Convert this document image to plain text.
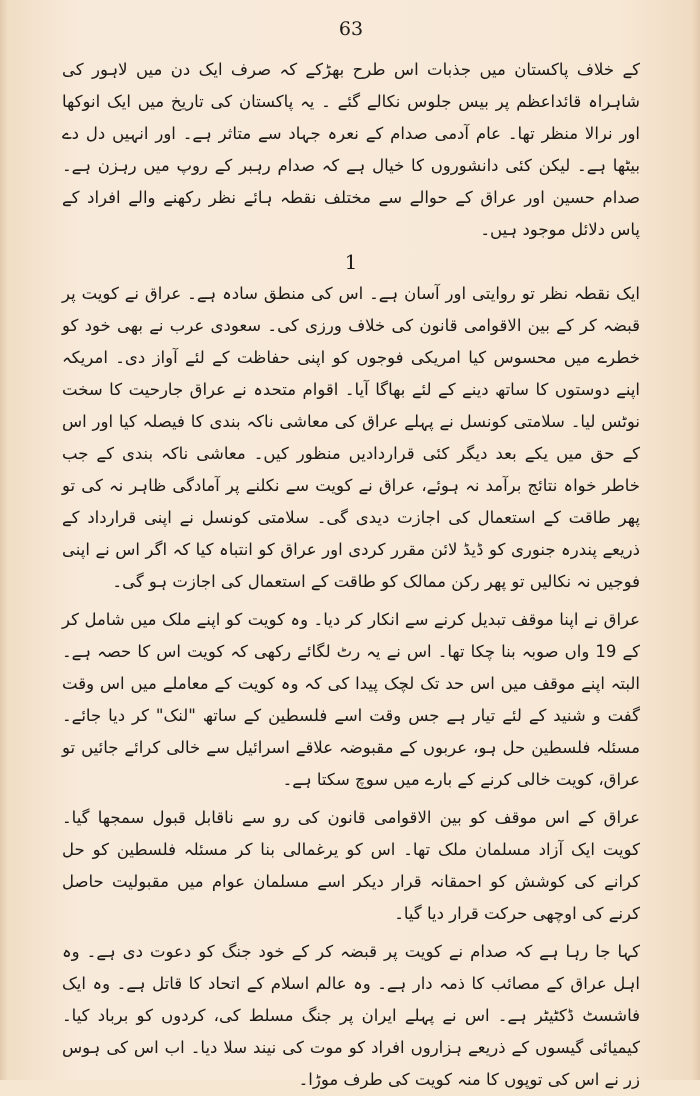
63

کے خلاف پاکستان میں جذبات اس طرح بھڑکے کہ صرف ایک دن میں لاہور کی شاہراہ قائداعظم پر بیس جلوس نکالے گئے ۔ یہ پاکستان کی تاریخ میں ایک انوکھا اور نرالا منظر تھا۔ عام آدمی صدام کے نعرہ جہاد سے متاثر ہے۔ اور انہیں دل دے بیٹھا ہے۔ لیکن کئی دانشوروں کا خیال ہے کہ صدام رہبر کے روپ میں رہزن ہے۔ صدام حسین اور عراق کے حوالے سے مختلف نقطہ ہائے نظر رکھنے والے افراد کے پاس دلائل موجود ہیں۔

1

ایک نقطہ نظر تو روایتی اور آسان ہے۔ اس کی منطق سادہ ہے۔ عراق نے کویت پر قبضہ کر کے بین الاقوامی قانون کی خلاف ورزی کی۔ سعودی عرب نے بھی خود کو خطرے میں محسوس کیا امریکی فوجوں کو اپنی حفاظت کے لئے آواز دی۔ امریکہ اپنے دوستوں کا ساتھ دینے کے لئے بھاگا آیا۔ اقوام متحدہ نے عراق جارحیت کا سخت نوٹس لیا۔ سلامتی کونسل نے پہلے عراق کی معاشی ناکہ بندی کا فیصلہ کیا اور اس کے حق میں یکے بعد دیگر کئی قراردادیں منظور کیں۔ معاشی ناکہ بندی کے جب خاطر خواہ نتائج برآمد نہ ہوئے، عراق نے کویت سے نکلنے پر آمادگی ظاہر نہ کی تو پھر طاقت کے استعمال کی اجازت دیدی گی۔ سلامتی کونسل نے اپنی قرارداد کے ذریعے پندرہ جنوری کو ڈیڈ لائن مقرر کردی اور عراق کو انتباہ کیا کہ اگر اس نے اپنی فوجیں نہ نکالیں تو پھر رکن ممالک کو طاقت کے استعمال کی اجازت ہو گی۔

عراق نے اپنا موقف تبدیل کرنے سے انکار کر دیا۔ وہ کویت کو اپنے ملک میں شامل کر کے 19 واں صوبہ بنا چکا تھا۔ اس نے یہ رٹ لگائے رکھی کہ کویت اس کا حصہ ہے۔ البتہ اپنے موقف میں اس حد تک لچک پیدا کی کہ وہ کویت کے معاملے میں اس وقت گفت و شنید کے لئے تیار ہے جس وقت اسے فلسطین کے ساتھ "لنک" کر دیا جائے۔ مسئلہ فلسطین حل ہو، عربوں کے مقبوضہ علاقے اسرائیل سے خالی کرائے جائیں تو عراق، کویت خالی کرنے کے بارے میں سوچ سکتا ہے۔

عراق کے اس موقف کو بین الاقوامی قانون کی رو سے ناقابل قبول سمجھا گیا۔ کویت ایک آزاد مسلمان ملک تھا۔ اس کو یرغمالی بنا کر مسئلہ فلسطین کو حل کرانے کی کوشش کو احمقانہ قرار دیکر اسے مسلمان عوام میں مقبولیت حاصل کرنے کی اوچھی حرکت قرار دیا گیا۔

کہا جا رہا ہے کہ صدام نے کویت پر قبضہ کر کے خود جنگ کو دعوت دی ہے۔ وہ اہل عراق کے مصائب کا ذمہ دار ہے۔ وہ عالم اسلام کے اتحاد کا قاتل ہے۔ وہ ایک فاشسٹ ڈکٹیٹر ہے۔ اس نے پہلے ایران پر جنگ مسلط کی، کردوں کو برباد کیا۔ کیمیائی گیسوں کے ذریعے ہزاروں افراد کو موت کی نیند سلا دیا۔ اب اس کی ہوس زر نے اس کی توپوں کا منہ کویت کی طرف موڑا۔
